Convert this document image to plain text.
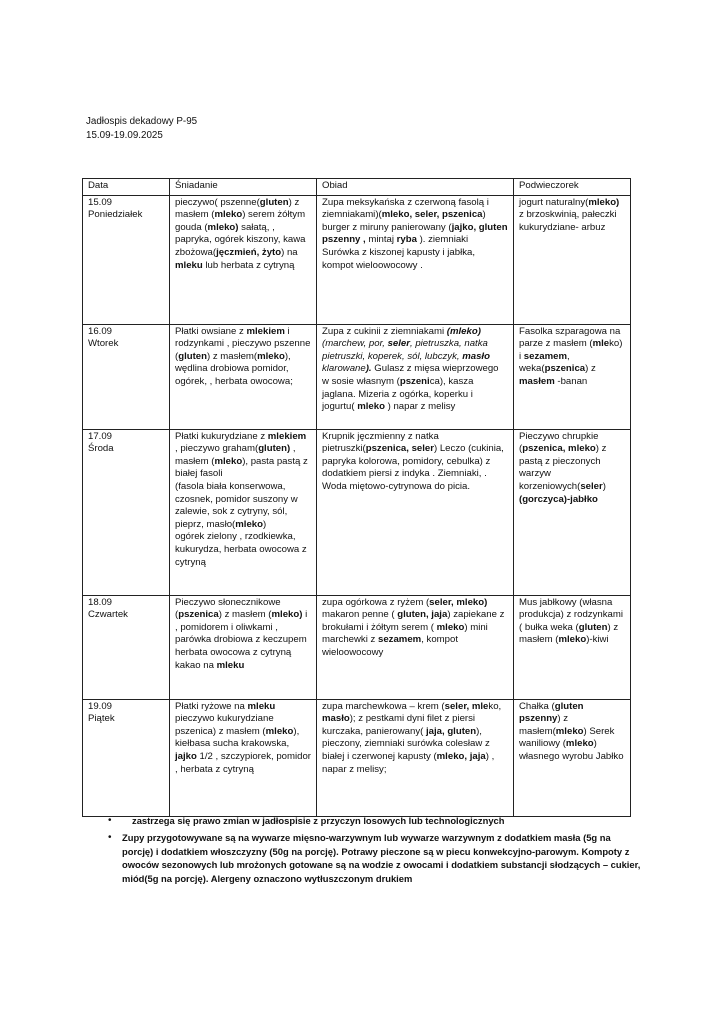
Jadłospis dekadowy P-95
15.09-19.09.2025
Data	Śniadanie	Obiad	Podwieczorek

15.09
Poniedziałek	pieczywo( pszenne(gluten) z masłem (mleko) serem żółtym gouda (mleko) sałatą, , papryka, ogórek kiszony, kawa zbożowa(jęczmień, żyto) na mleku lub herbata z cytryną	Zupa meksykańska z czerwoną fasolą i ziemniakami)(mleko, seler, pszenica) burger z miruny panierowany (jajko, gluten pszenny , mintaj ryba ). ziemniaki Surówka z kiszonej kapusty i jabłka, kompot wieloowocowy .	jogurt naturalny(mleko) z brzoskwinią, pałeczki kukurydziane- arbuz

16.09
Wtorek	Płatki owsiane z mlekiem i rodzynkami , pieczywo pszenne (gluten) z masłem(mleko), wędlina drobiowa pomidor, ogórek, , herbata owocowa;	Zupa z cukinii z ziemniakami (mleko) (marchew, por, seler, pietruszka, natka pietruszki, koperek, sól, lubczyk, masło klarowane). Gulasz z mięsa wieprzowego w sosie własnym (pszenica), kasza jaglana. Mizeria z ogórka, koperku i jogurtu( mleko ) napar z melisy	Fasolka szparagowa na parze z masłem (mleko) i sezamem, weka(pszenica) z masłem -banan

17.09
Środa	Płatki kukurydziane z mlekiem , pieczywo graham(gluten) , masłem (mleko), pasta pastą z białej fasoli
(fasola biała konserwowa, czosnek, pomidor suszony w zalewie, sok z cytryny, sól, pieprz, masło(mleko)
ogórek zielony , rzodkiewka, kukurydza, herbata owocowa z cytryną	Krupnik jęczmienny z natka pietruszki(pszenica, seler) Leczo (cukinia, papryka kolorowa, pomidory, cebulka) z dodatkiem piersi z indyka . Ziemniaki, .
Woda miętowo-cytrynowa do picia.	Pieczywo chrupkie (pszenica, mleko) z pastą z pieczonych warzyw korzeniowych(seler) (gorczyca)-jabłko

18.09
Czwartek	Pieczywo słonecznikowe (pszenica) z masłem (mleko) i , pomidorem i oliwkami , parówka drobiowa z keczupem herbata owocowa z cytryną kakao na mleku	zupa ogórkowa z ryżem (seler, mleko) makaron penne ( gluten, jaja) zapiekane z brokułami i żółtym serem ( mleko) mini marchewki z sezamem, kompot wieloowocowy	Mus jabłkowy (własna produkcja) z rodzynkami ( bułka weka (gluten) z masłem (mleko)-kiwi

19.09
Piątek	Płatki ryżowe na mleku pieczywo kukurydziane pszenica) z masłem (mleko), kiełbasa sucha krakowska, jajko 1/2 , szczypiorek, pomidor , herbata z cytryną	zupa marchewkowa – krem (seler, mleko, masło); z pestkami dyni filet z piersi kurczaka, panierowany( jaja, gluten), pieczony, ziemniaki surówka colesław z białej i czerwonej kapusty (mleko, jaja) , napar z melisy;	Chałka (gluten pszenny) z masłem(mleko) Serek waniliowy (mleko) własnego wyrobu Jabłko
• zastrzega się prawo zmian w jadłospisie z przyczyn losowych lub technologicznych
• Zupy przygotowywane są na wywarze mięsno-warzywnym lub wywarze warzywnym z dodatkiem masła (5g na porcję) i dodatkiem włoszczyzny (50g na porcję). Potrawy pieczone są w piecu konwekcyjno-parowym. Kompoty z owoców sezonowych lub mrożonych gotowane są na wodzie z owocami i dodatkiem substancji słodzących – cukier, miód(5g na porcję). Alergeny oznaczono wytłuszczonym drukiem
